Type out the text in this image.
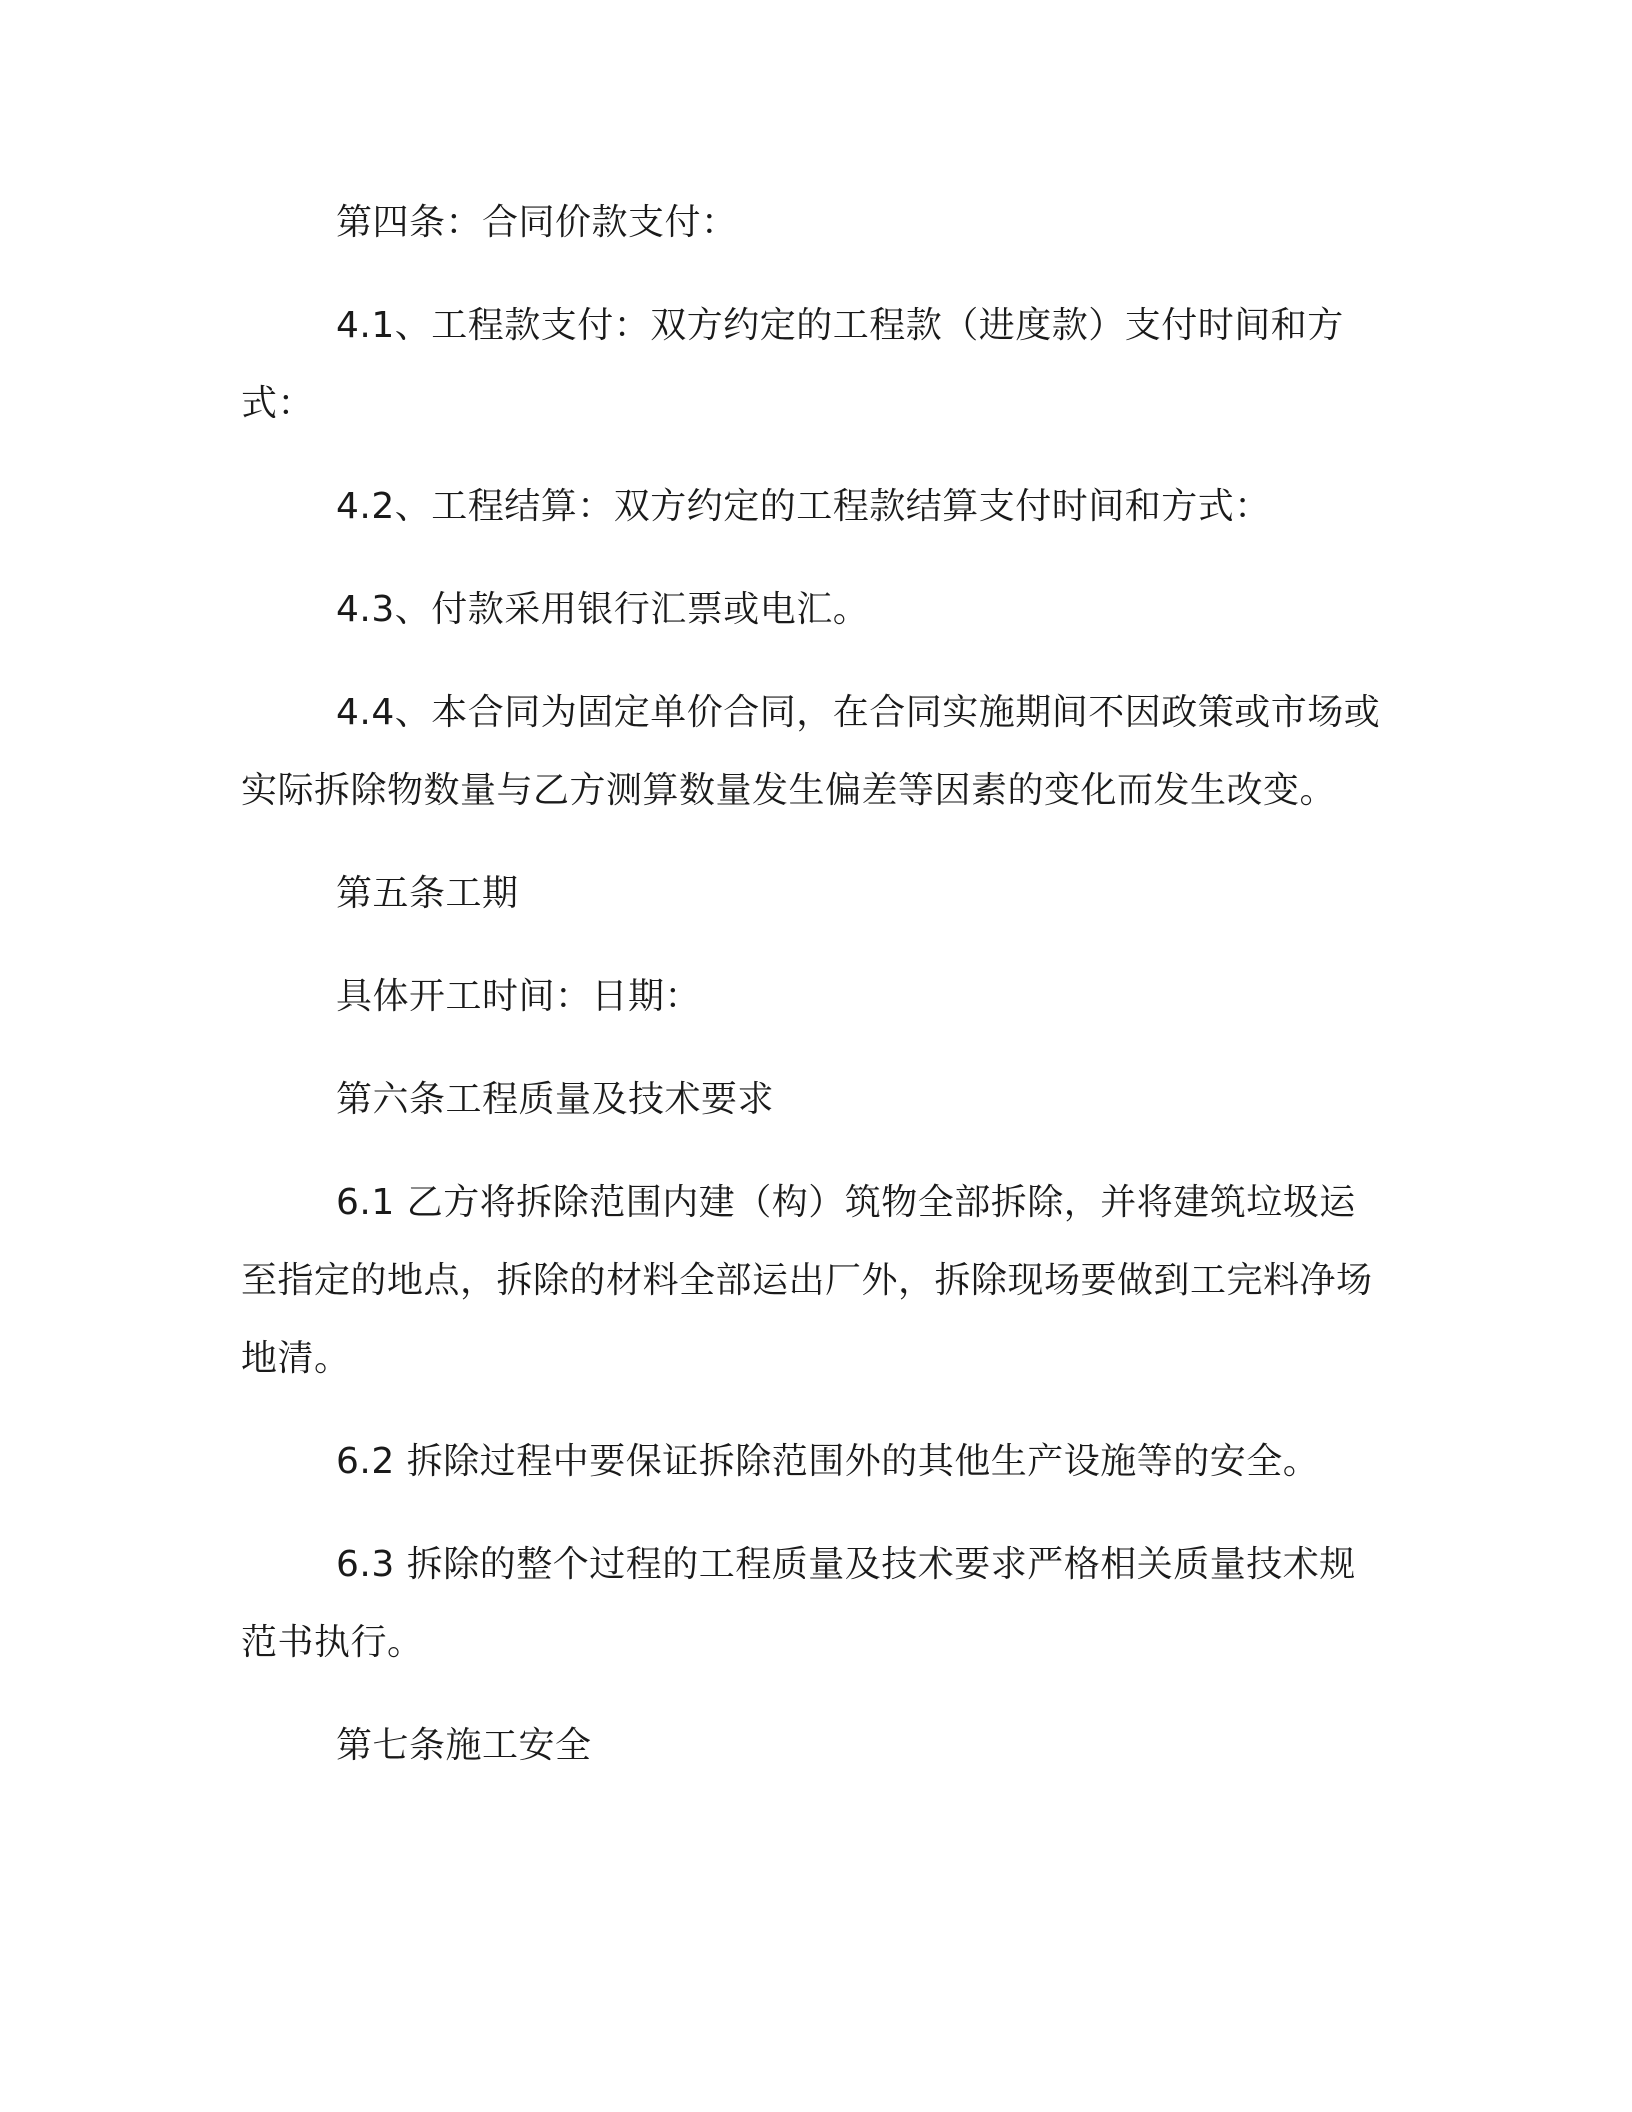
第四条：合同价款支付：

4.1、工程款支付：双方约定的工程款（进度款）支付时间和方式：

4.2、工程结算：双方约定的工程款结算支付时间和方式：

4.3、付款采用银行汇票或电汇。

4.4、本合同为固定单价合同，在合同实施期间不因政策或市场或实际拆除物数量与乙方测算数量发生偏差等因素的变化而发生改变。

第五条工期

具体开工时间：日期：

第六条工程质量及技术要求

6.1 乙方将拆除范围内建（构）筑物全部拆除，并将建筑垃圾运至指定的地点，拆除的材料全部运出厂外，拆除现场要做到工完料净场地清。

6.2 拆除过程中要保证拆除范围外的其他生产设施等的安全。

6.3 拆除的整个过程的工程质量及技术要求严格相关质量技术规范书执行。

第七条施工安全
